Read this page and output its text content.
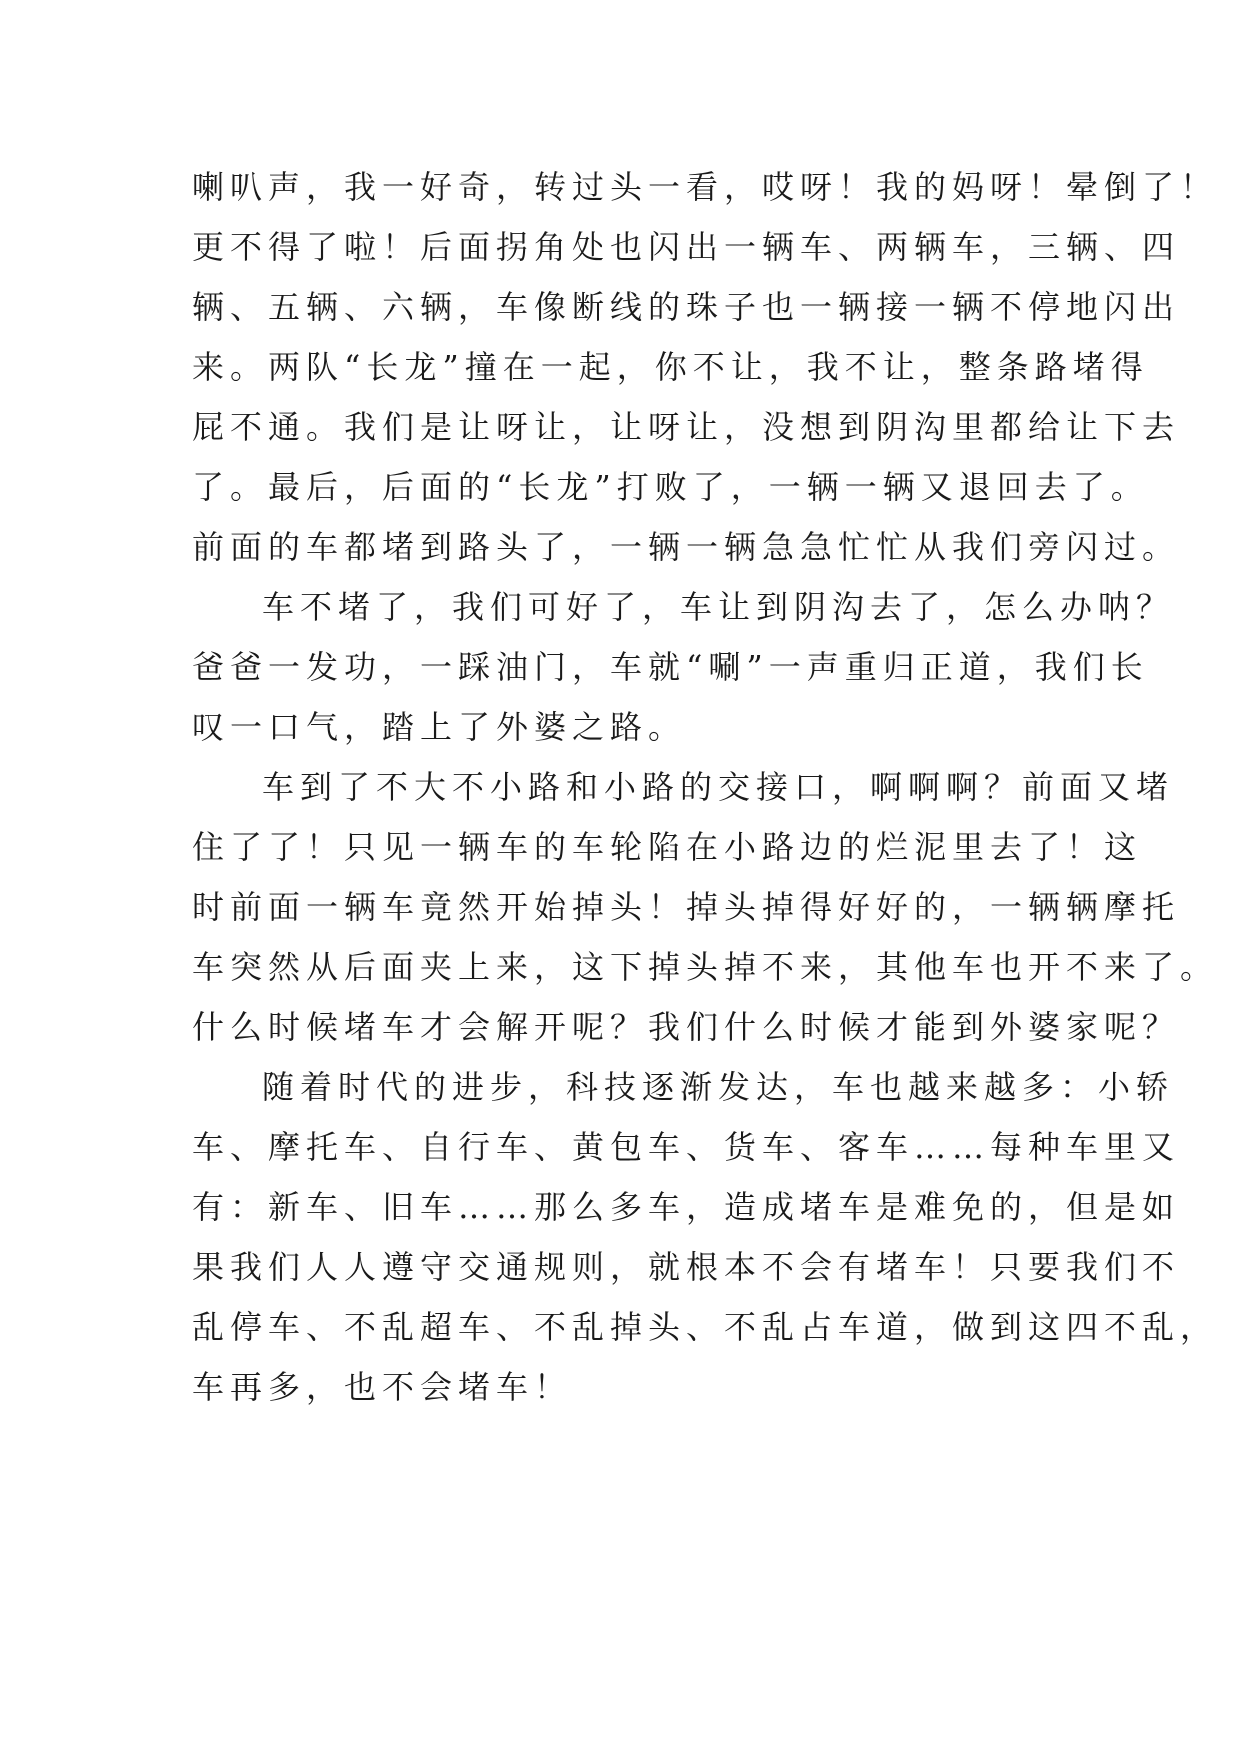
喇叭声，我一好奇，转过头一看，哎呀！我的妈呀！晕倒了！
更不得了啦！后面拐角处也闪出一辆车、两辆车，三辆、四
辆、五辆、六辆，车像断线的珠子也一辆接一辆不停地闪出
来。两队“长龙”撞在一起，你不让，我不让，整条路堵得
屁不通。我们是让呀让，让呀让，没想到阴沟里都给让下去
了。最后，后面的“长龙”打败了，一辆一辆又退回去了。
前面的车都堵到路头了，一辆一辆急急忙忙从我们旁闪过。
车不堵了，我们可好了，车让到阴沟去了，怎么办呐？
爸爸一发功，一踩油门，车就“唰”一声重归正道，我们长
叹一口气，踏上了外婆之路。
车到了不大不小路和小路的交接口，啊啊啊？前面又堵
住了了！只见一辆车的车轮陷在小路边的烂泥里去了！这
时前面一辆车竟然开始掉头！掉头掉得好好的，一辆辆摩托
车突然从后面夹上来，这下掉头掉不来，其他车也开不来了。
什么时候堵车才会解开呢？我们什么时候才能到外婆家呢？
随着时代的进步，科技逐渐发达，车也越来越多：小轿
车、摩托车、自行车、黄包车、货车、客车……每种车里又
有：新车、旧车……那么多车，造成堵车是难免的，但是如
果我们人人遵守交通规则，就根本不会有堵车！只要我们不
乱停车、不乱超车、不乱掉头、不乱占车道，做到这四不乱，
车再多，也不会堵车！
